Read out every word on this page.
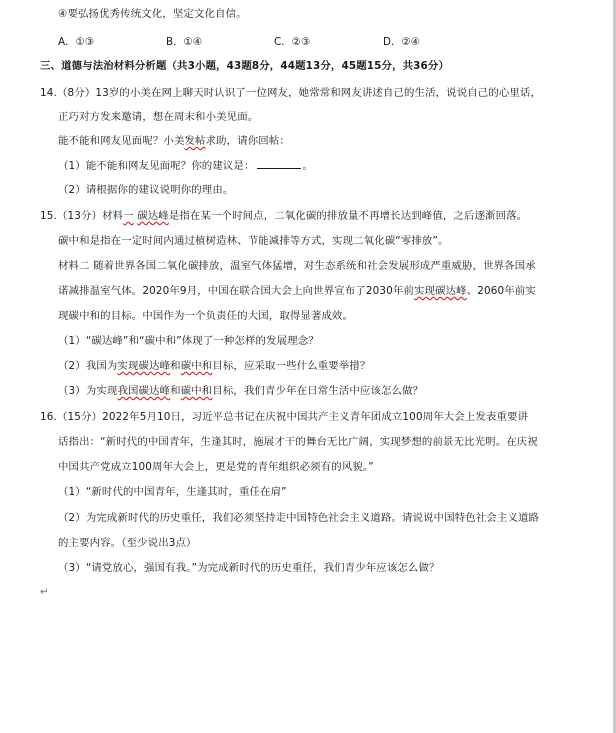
④要弘扬优秀传统文化，坚定文化自信。
A．①③	B．①④	C．②③	D．②④
三、道德与法治材料分析题（共3小题，43题8分，44题13分，45题15分，共36分）
14.（8分）13岁的小美在网上聊天时认识了一位网友，她常常和网友讲述自己的生活，说说自己的心里话，
正巧对方发来邀请，想在周末和小美见面。
能不能和网友见面呢？小美发帖求助，请你回帖：
（1）能不能和网友见面呢？你的建议是：	。
（2）请根据你的建议说明你的理由。
15.（13分）材料一 碳达峰是指在某一个时间点，二氧化碳的排放量不再增长达到峰值，之后逐渐回落。
碳中和是指在一定时间内通过植树造林、节能减排等方式，实现二氧化碳“零排放”。
材料二 随着世界各国二氧化碳排放，温室气体猛增，对生态系统和社会发展形成严重威胁，世界各国承
诺减排温室气体。2020年9月，中国在联合国大会上向世界宣布了2030年前实现碳达峰、2060年前实
现碳中和的目标。中国作为一个负责任的大国，取得显著成效。
（1）“碳达峰”和“碳中和”体现了一种怎样的发展理念？
（2）我国为实现碳达峰和碳中和目标，应采取一些什么重要举措？
（3）为实现我国碳达峰和碳中和目标，我们青少年在日常生活中应该怎么做？
16.（15分）2022年5月10日，习近平总书记在庆祝中国共产主义青年团成立100周年大会上发表重要讲
话指出：“新时代的中国青年，生逢其时，施展才干的舞台无比广阔，实现梦想的前景无比光明。在庆祝
中国共产党成立100周年大会上，更是党的青年组织必须有的风貌。”
（1）“新时代的中国青年，生逢其时，重任在肩”
（2）为完成新时代的历史重任，我们必须坚持走中国特色社会主义道路。请说说中国特色社会主义道路
的主要内容。（至少说出3点）
（3）“请党放心，强国有我。”为完成新时代的历史重任，我们青少年应该怎么做？
↵
